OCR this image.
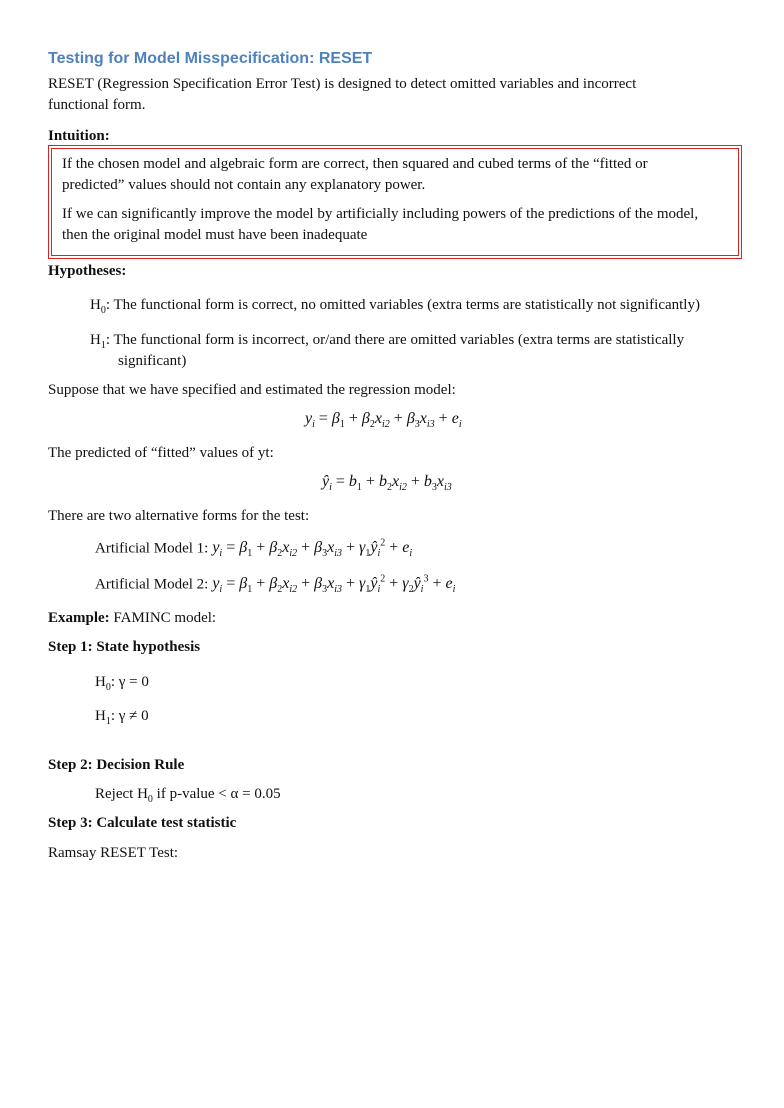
Testing for Model Misspecification: RESET

RESET (Regression Specification Error Test) is designed to detect omitted variables and incorrect

functional form.

Intuition:

If the chosen model and algebraic form are correct, then squared and cubed terms of the “fitted or
predicted” values should not contain any explanatory power.

If we can significantly improve the model by artificially including powers of the predictions of the model,
then the original model must have been inadequate

Hypotheses:

$H_0$: The functional form is correct, no omitted variables (extra terms are statistically not significantly)

$H_1$: The functional form is incorrect, or/and there are omitted variables (extra terms are statistically

significant)

Suppose that we have specified and estimated the regression model:

$y_i = \beta_1 + \beta_2x_{i2} + \beta_3x_{i3} + e_i$

The predicted of “fitted” values of yt:

$ŷ_i = b_1 + b_2x_{i2} + b_3x_{i3}$

There are two alternative forms for the test:

Artificial Model 1: $y_i = \beta_1 + \beta_2x_{i2} + \beta_3x_{i3}$ + $\gamma_1ŷ_i^2 + e_i$
Artificial Model 2: $y_i = \beta_1 + \beta_2x_{i2} + \beta_3x_{i3}$ + $\gamma_1ŷ_i^2$ + $\gamma_2ŷ_i^3 + e_i$

Example: FAMINC model:

Step 1: State hypothesis

$H_0$: γ = 0

$H_1$: γ ≠ 0

Step 2: Decision Rule

Reject $H_0$ if p-value < α = 0.05

Step 3: Calculate test statistic

Ramsay RESET Test:
